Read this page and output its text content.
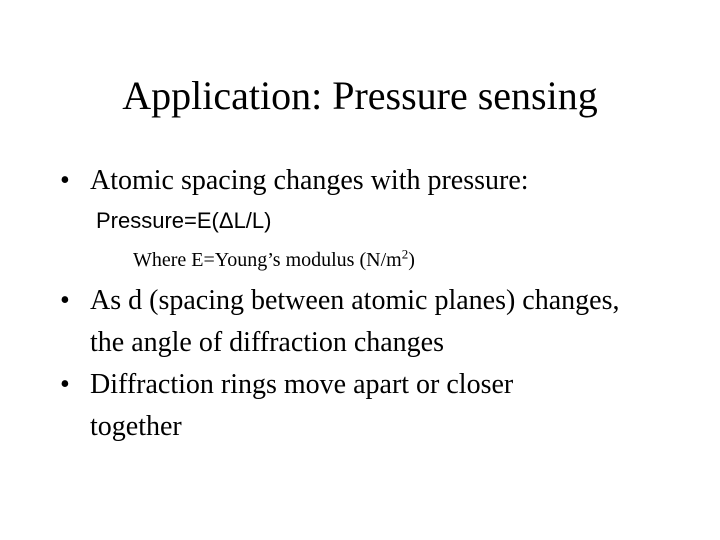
Application: Pressure sensing
• Atomic spacing changes with pressure:
Pressure=E(ΔL/L)
Where E=Young’s modulus $(N/m^2)$
• As d (spacing between atomic planes) changes, the angle of diffraction changes
• Diffraction rings move apart or closer together
